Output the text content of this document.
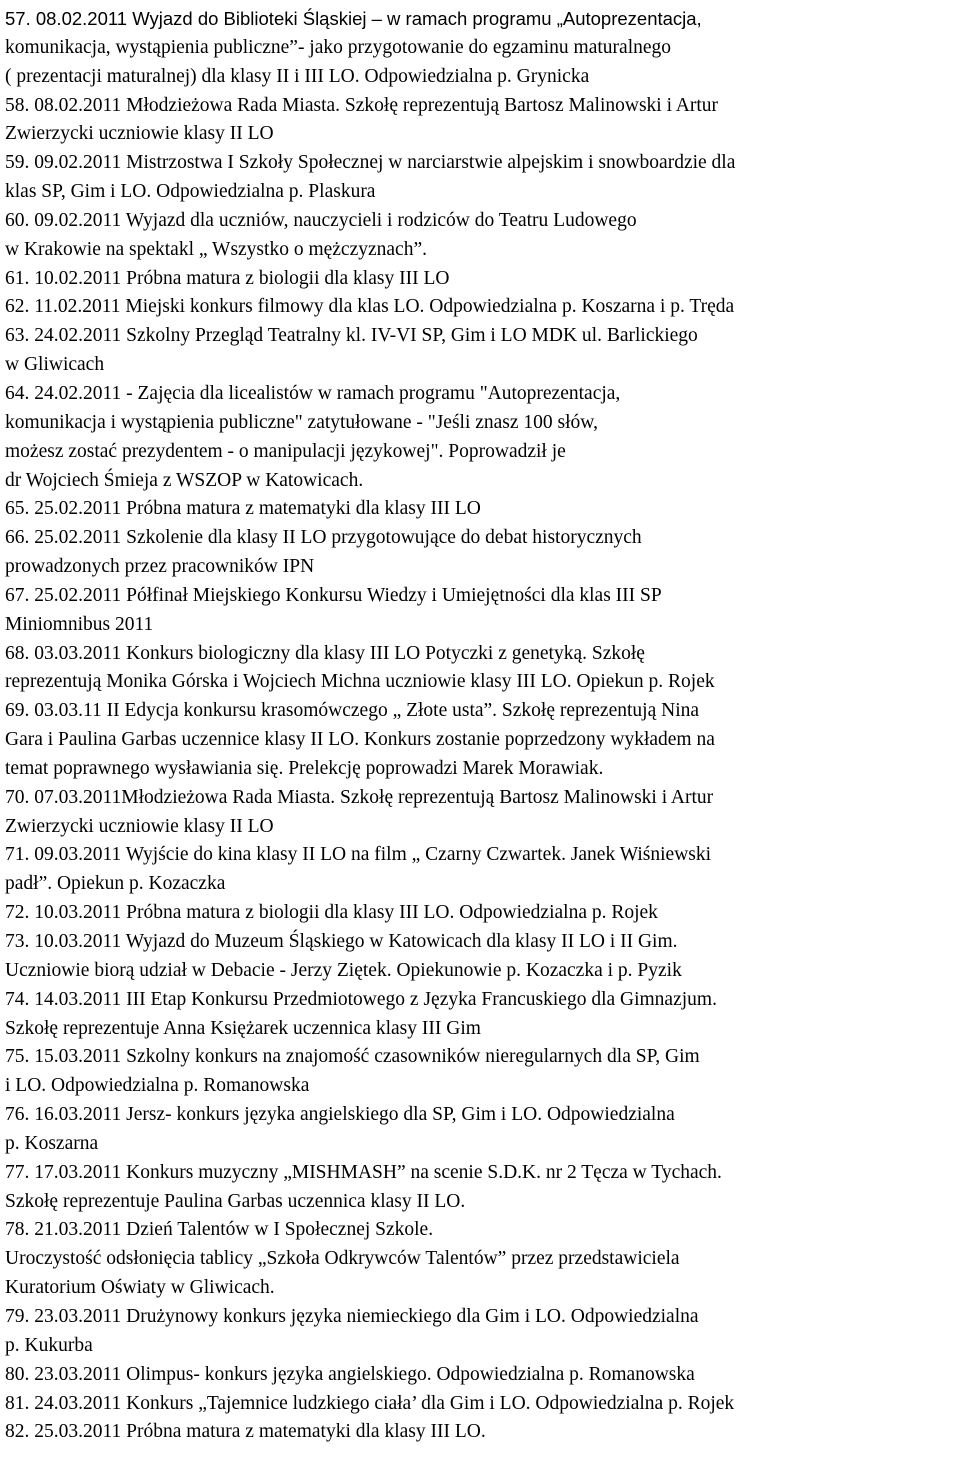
57. 08.02.2011 Wyjazd do Biblioteki Śląskiej – w ramach programu „Autoprezentacja,
komunikacja, wystąpienia publiczne”- jako przygotowanie do egzaminu maturalnego
( prezentacji maturalnej) dla klasy II i III LO. Odpowiedzialna p. Grynicka
58. 08.02.2011 Młodzieżowa Rada Miasta. Szkołę reprezentują Bartosz Malinowski i Artur
Zwierzycki uczniowie klasy II LO
59. 09.02.2011 Mistrzostwa I Szkoły Społecznej w narciarstwie alpejskim i snowboardzie dla
klas SP, Gim i LO. Odpowiedzialna p. Plaskura
60. 09.02.2011 Wyjazd dla uczniów, nauczycieli i rodziców do Teatru Ludowego
w Krakowie na spektakl „ Wszystko o mężczyznach”.
61. 10.02.2011 Próbna matura z biologii dla klasy III LO
62. 11.02.2011 Miejski konkurs filmowy dla klas LO. Odpowiedzialna p. Koszarna i p. Tręda
63. 24.02.2011 Szkolny Przegląd Teatralny kl. IV-VI SP, Gim i LO MDK ul. Barlickiego
w Gliwicach
64. 24.02.2011 - Zajęcia dla licealistów w ramach programu "Autoprezentacja,
komunikacja i wystąpienia publiczne" zatytułowane - "Jeśli znasz 100 słów,
możesz zostać prezydentem - o manipulacji językowej". Poprowadził je
dr Wojciech Śmieja z WSZOP w Katowicach.
65. 25.02.2011 Próbna matura z matematyki dla klasy III LO
66. 25.02.2011 Szkolenie dla klasy II LO przygotowujące do debat historycznych
prowadzonych przez pracowników IPN
67. 25.02.2011 Półfinał Miejskiego Konkursu Wiedzy i Umiejętności dla klas III SP
Miniomnibus 2011
68. 03.03.2011 Konkurs biologiczny dla klasy III LO Potyczki z genetyką. Szkołę
reprezentują Monika Górska i Wojciech Michna uczniowie klasy III LO. Opiekun p. Rojek
69. 03.03.11 II Edycja konkursu krasomówczego „ Złote usta”. Szkołę reprezentują Nina
Gara i Paulina Garbas uczennice klasy II LO. Konkurs zostanie poprzedzony wykładem na
temat poprawnego wysławiania się. Prelekcję poprowadzi Marek Morawiak.
70. 07.03.2011Młodzieżowa Rada Miasta. Szkołę reprezentują Bartosz Malinowski i Artur
Zwierzycki uczniowie klasy II LO
71. 09.03.2011 Wyjście do kina klasy II LO na film „ Czarny Czwartek. Janek Wiśniewski
padł”. Opiekun p. Kozaczka
72. 10.03.2011 Próbna matura z biologii dla klasy III LO. Odpowiedzialna p. Rojek
73. 10.03.2011 Wyjazd do Muzeum Śląskiego w Katowicach dla klasy II LO i II Gim.
Uczniowie biorą udział w Debacie - Jerzy Ziętek. Opiekunowie p. Kozaczka i p. Pyzik
74. 14.03.2011 III Etap Konkursu Przedmiotowego z Języka Francuskiego dla Gimnazjum.
Szkołę reprezentuje Anna Księżarek uczennica klasy III Gim
75. 15.03.2011 Szkolny konkurs na znajomość czasowników nieregularnych dla SP, Gim
i LO. Odpowiedzialna p. Romanowska
76. 16.03.2011 Jersz- konkurs języka angielskiego dla SP, Gim i LO. Odpowiedzialna
p. Koszarna
77. 17.03.2011 Konkurs muzyczny „MISHMASH” na scenie S.D.K. nr 2 Tęcza w Tychach.
Szkołę reprezentuje Paulina Garbas uczennica klasy II LO.
78. 21.03.2011 Dzień Talentów w I Społecznej Szkole.
Uroczystość odsłonięcia tablicy „Szkoła Odkrywców Talentów” przez przedstawiciela
Kuratorium Oświaty w Gliwicach.
79. 23.03.2011 Drużynowy konkurs języka niemieckiego dla Gim i LO. Odpowiedzialna
p. Kukurba
80. 23.03.2011 Olimpus- konkurs języka angielskiego. Odpowiedzialna p. Romanowska
81. 24.03.2011 Konkurs „Tajemnice ludzkiego ciała’ dla Gim i LO. Odpowiedzialna p. Rojek
82. 25.03.2011 Próbna matura z matematyki dla klasy III LO.
